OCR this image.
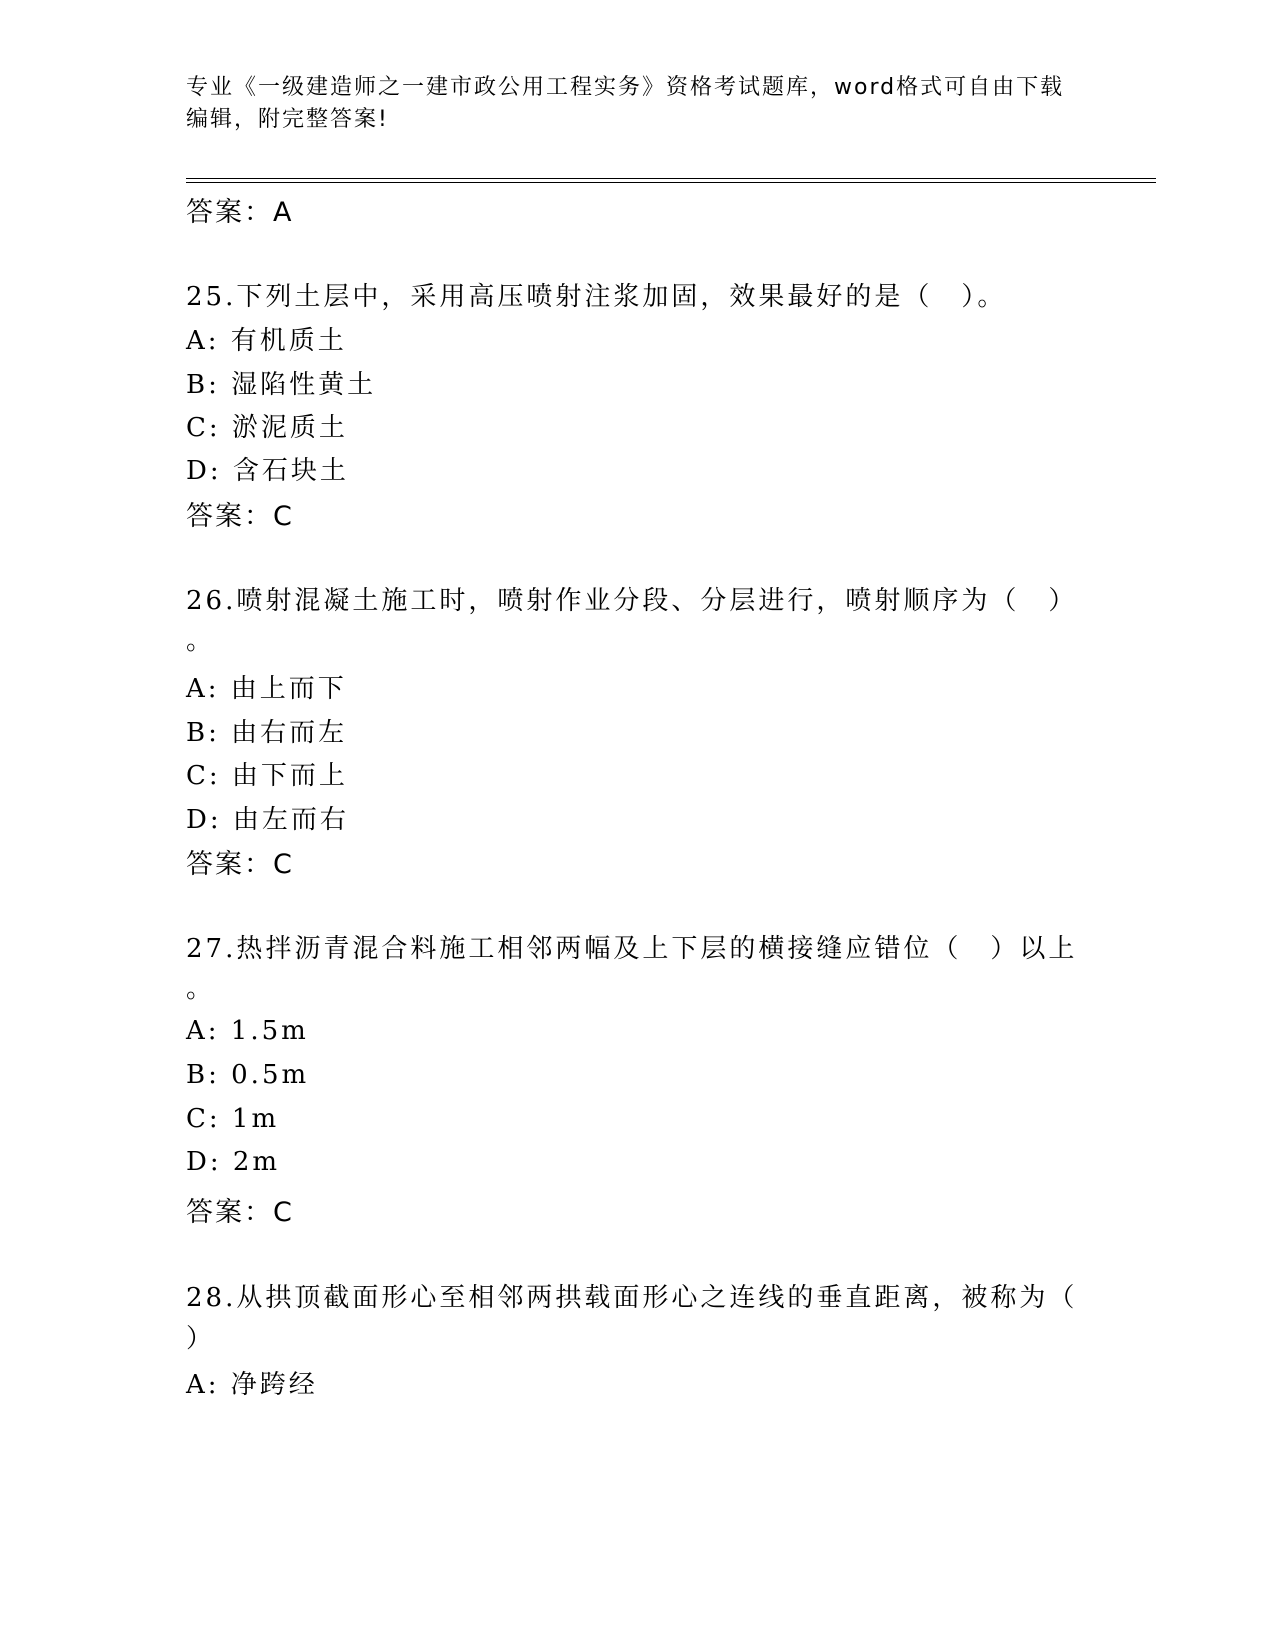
专业《一级建造师之一建市政公用工程实务》资格考试题库，word格式可自由下载编辑，附完整答案!
答案：A
25.下列土层中，采用高压喷射注浆加固，效果最好的是（　）。
A: 有机质土
B: 湿陷性黄土
C: 淤泥质土
D: 含石块土
答案：C
26.喷射混凝土施工时，喷射作业分段、分层进行，喷射顺序为（　）
。
A: 由上而下
B: 由右而左
C: 由下而上
D: 由左而右
答案：C
27.热拌沥青混合料施工相邻两幅及上下层的横接缝应错位（　）以上
。
A: 1.5m
B: 0.5m
C: 1m
D: 2m
答案：C
28.从拱顶截面形心至相邻两拱载面形心之连线的垂直距离，被称为（
）
A: 净跨经
